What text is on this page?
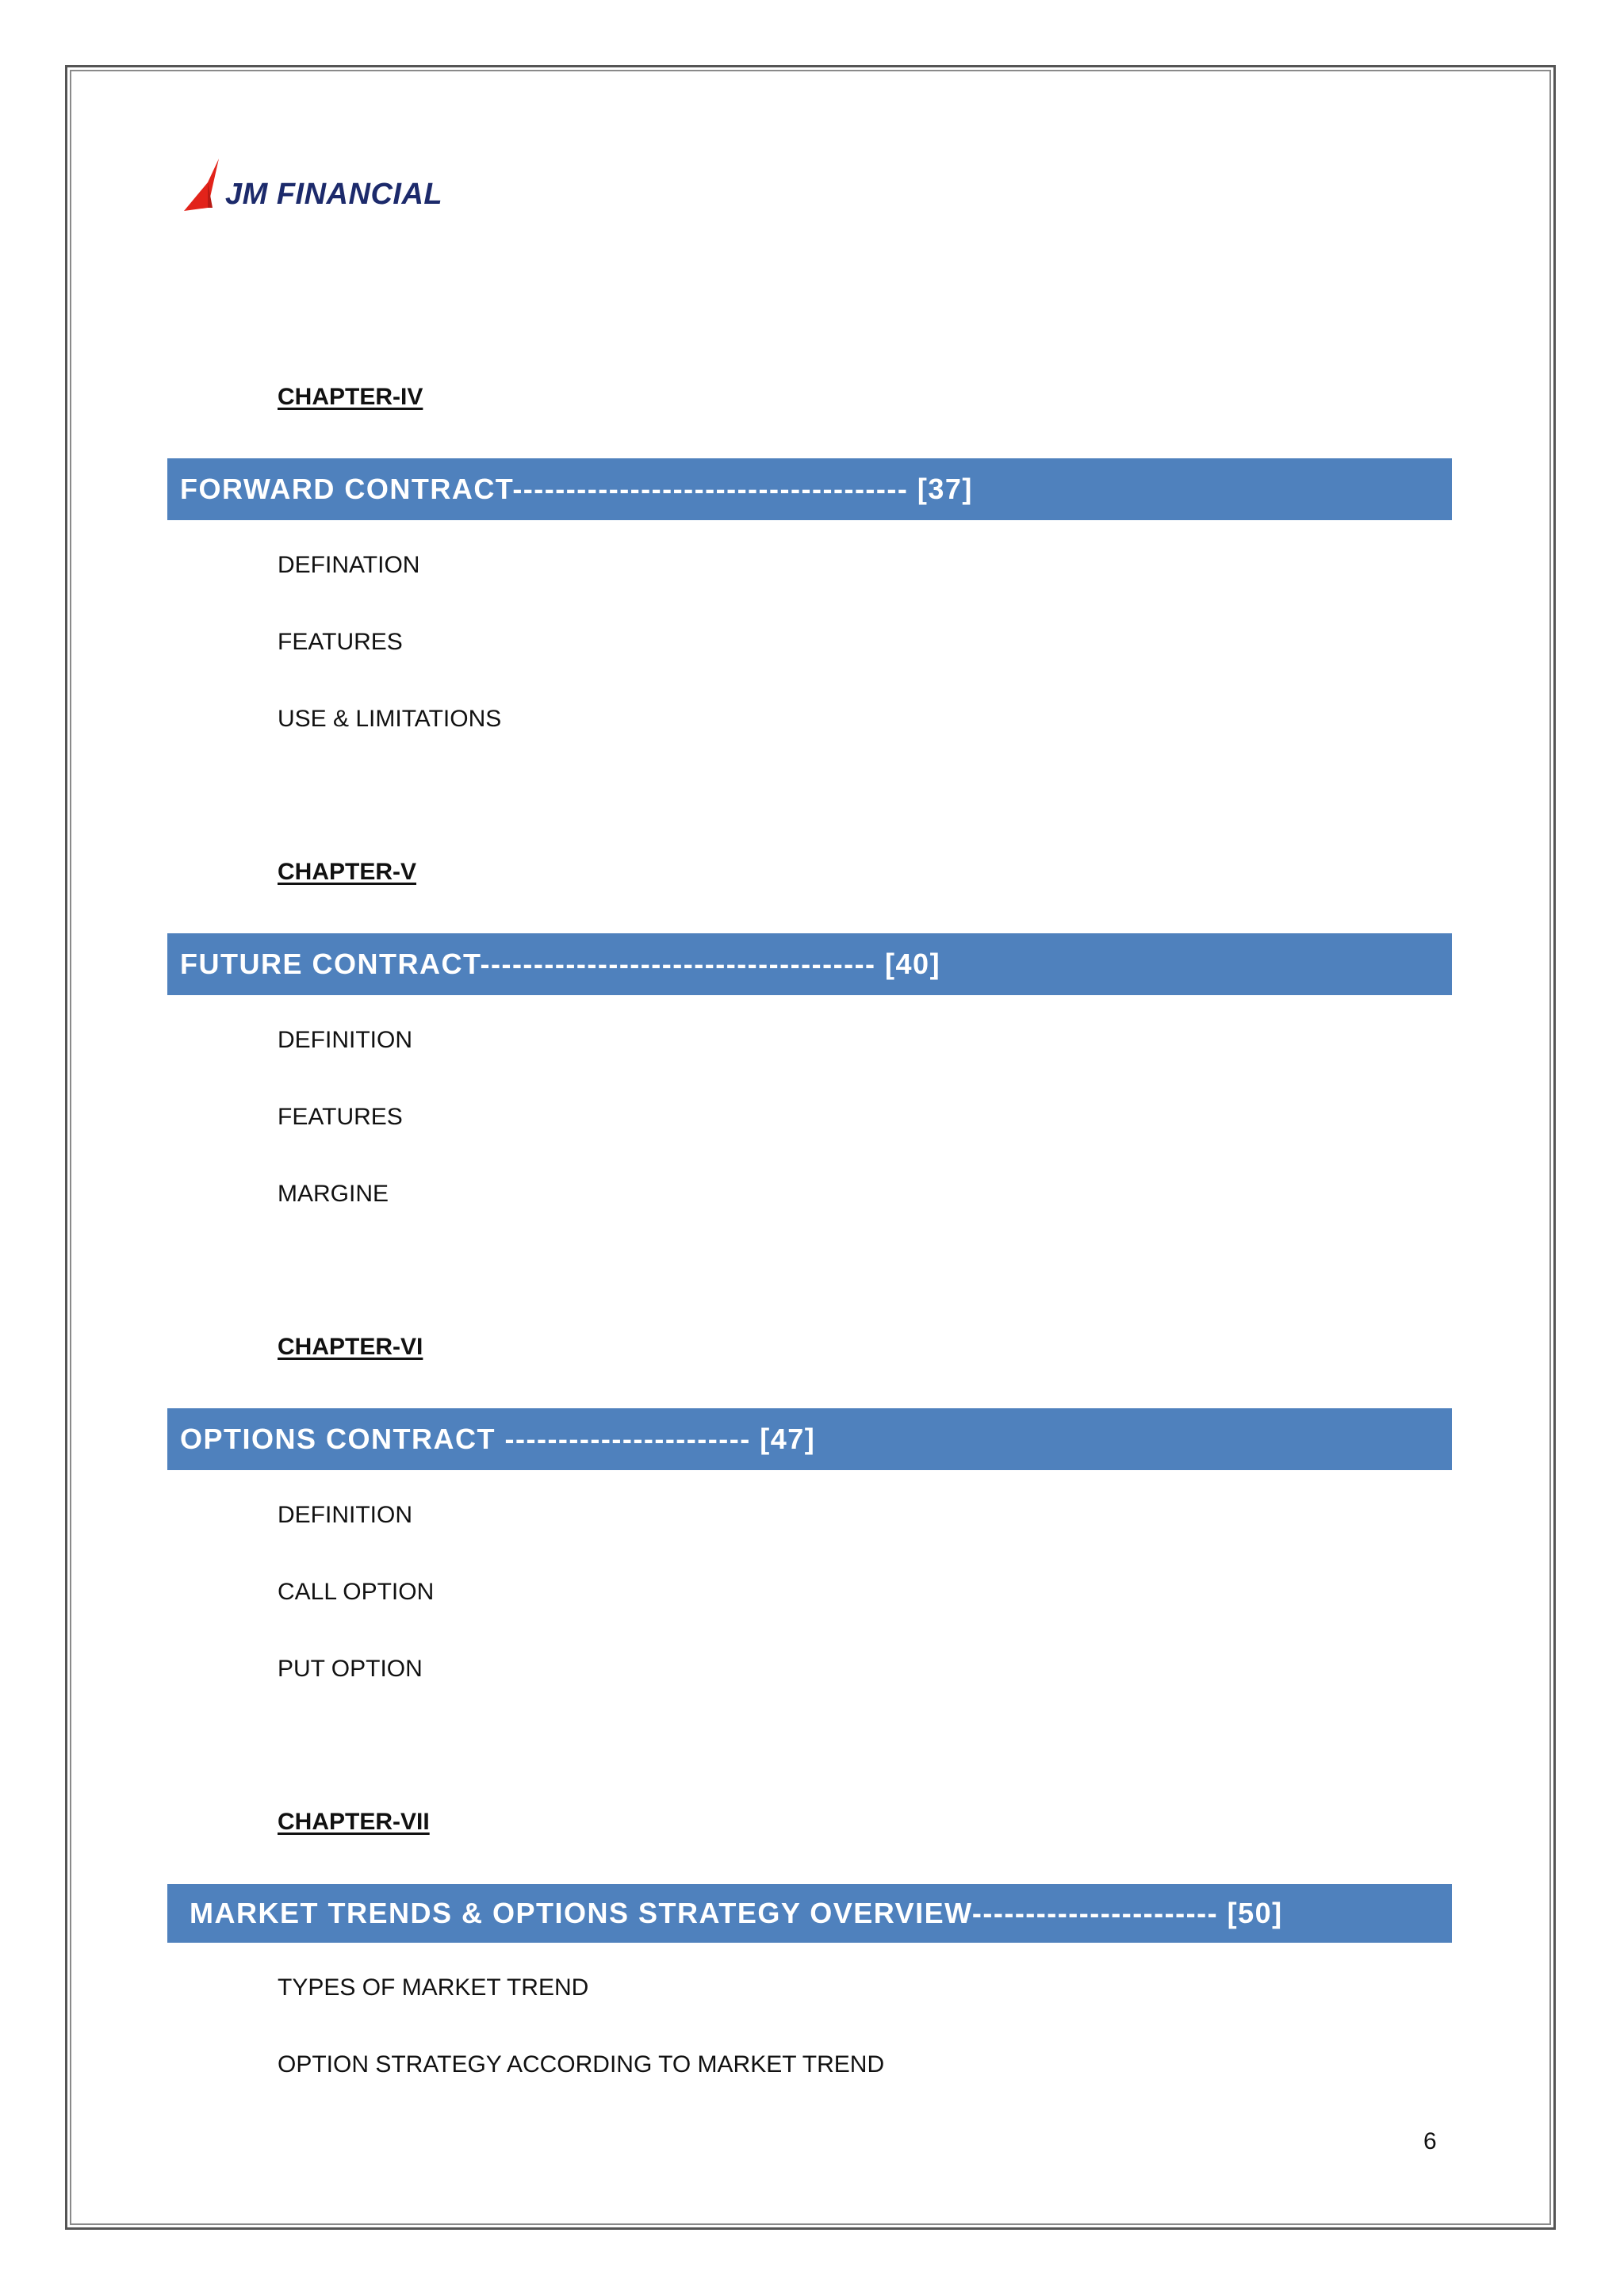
JM FINANCIAL
CHAPTER-IV
FORWARD CONTRACT------------------------------------- [37]
DEFINATION
FEATURES
USE & LIMITATIONS
CHAPTER-V
FUTURE CONTRACT------------------------------------- [40]
DEFINITION
FEATURES
MARGINE
CHAPTER-VI
OPTIONS CONTRACT ----------------------- [47]
DEFINITION
CALL OPTION
PUT OPTION
CHAPTER-VII
MARKET TRENDS & OPTIONS STRATEGY OVERVIEW----------------------- [50]
TYPES OF MARKET TREND
OPTION STRATEGY ACCORDING TO MARKET TREND
6
